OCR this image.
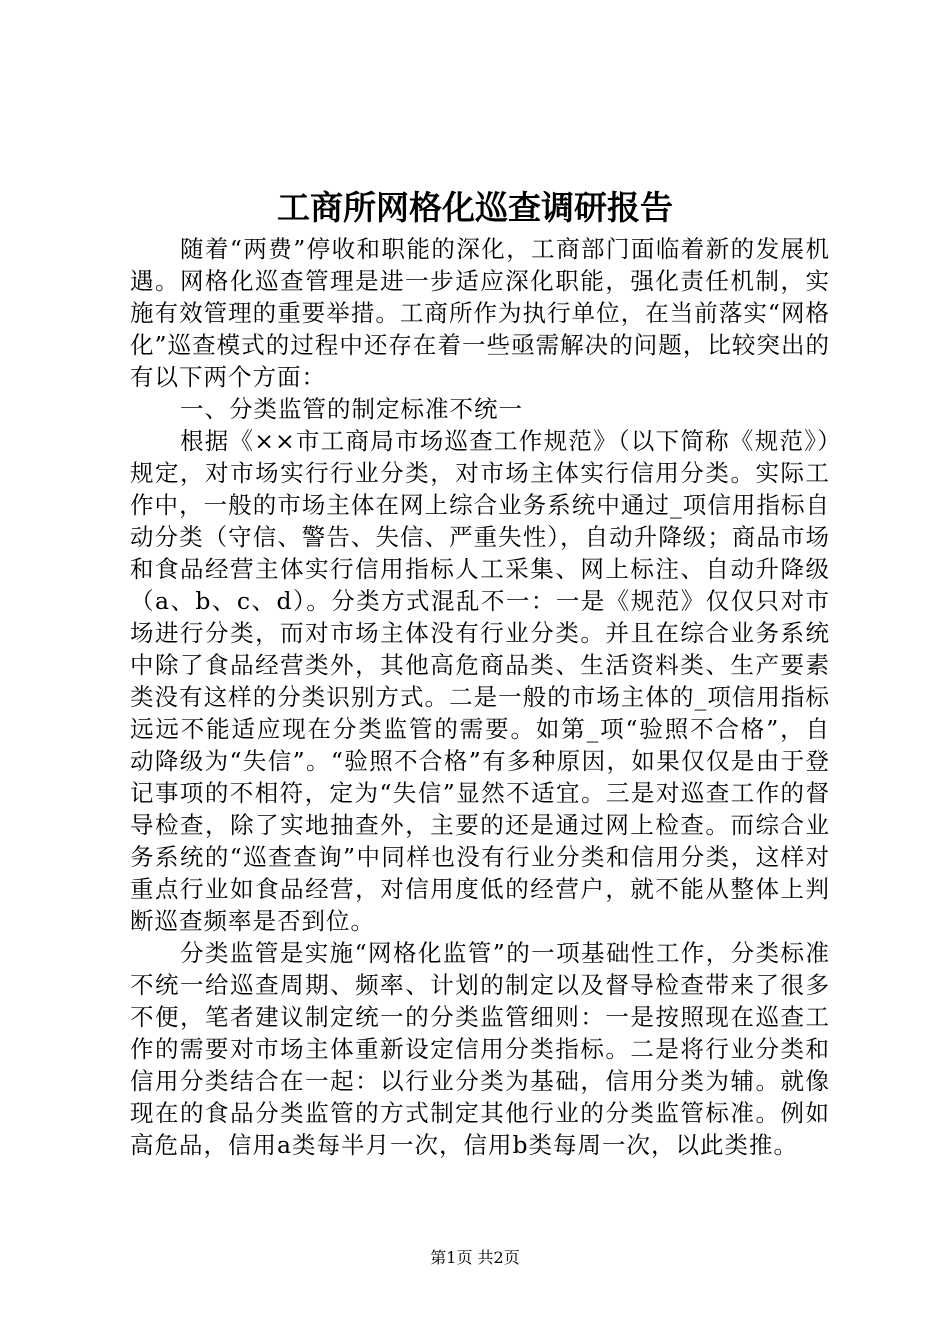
工商所网格化巡查调研报告

随着“两费”停收和职能的深化，工商部门面临着新的发展机遇。网格化巡查管理是进一步适应深化职能，强化责任机制，实施有效管理的重要举措。工商所作为执行单位，在当前落实“网格化”巡查模式的过程中还存在着一些亟需解决的问题，比较突出的有以下两个方面：

一、分类监管的制定标准不统一

根据《××市工商局市场巡查工作规范》（以下简称《规范》）规定，对市场实行行业分类，对市场主体实行信用分类。实际工作中，一般的市场主体在网上综合业务系统中通过_项信用指标自动分类（守信、警告、失信、严重失性），自动升降级；商品市场和食品经营主体实行信用指标人工采集、网上标注、自动升降级（a、b、c、d）。分类方式混乱不一：一是《规范》仅仅只对市场进行分类，而对市场主体没有行业分类。并且在综合业务系统中除了食品经营类外，其他高危商品类、生活资料类、生产要素类没有这样的分类识别方式。二是一般的市场主体的_项信用指标远远不能适应现在分类监管的需要。如第_项“验照不合格”，自动降级为“失信”。“验照不合格”有多种原因，如果仅仅是由于登记事项的不相符，定为“失信”显然不适宜。三是对巡查工作的督导检查，除了实地抽查外，主要的还是通过网上检查。而综合业务系统的“巡查查询”中同样也没有行业分类和信用分类，这样对重点行业如食品经营，对信用度低的经营户，就不能从整体上判断巡查频率是否到位。

分类监管是实施“网格化监管”的一项基础性工作，分类标准不统一给巡查周期、频率、计划的制定以及督导检查带来了很多不便，笔者建议制定统一的分类监管细则：一是按照现在巡查工作的需要对市场主体重新设定信用分类指标。二是将行业分类和信用分类结合在一起：以行业分类为基础，信用分类为辅。就像现在的食品分类监管的方式制定其他行业的分类监管标准。例如高危品，信用a类每半月一次，信用b类每周一次，以此类推。

第1页 共2页
